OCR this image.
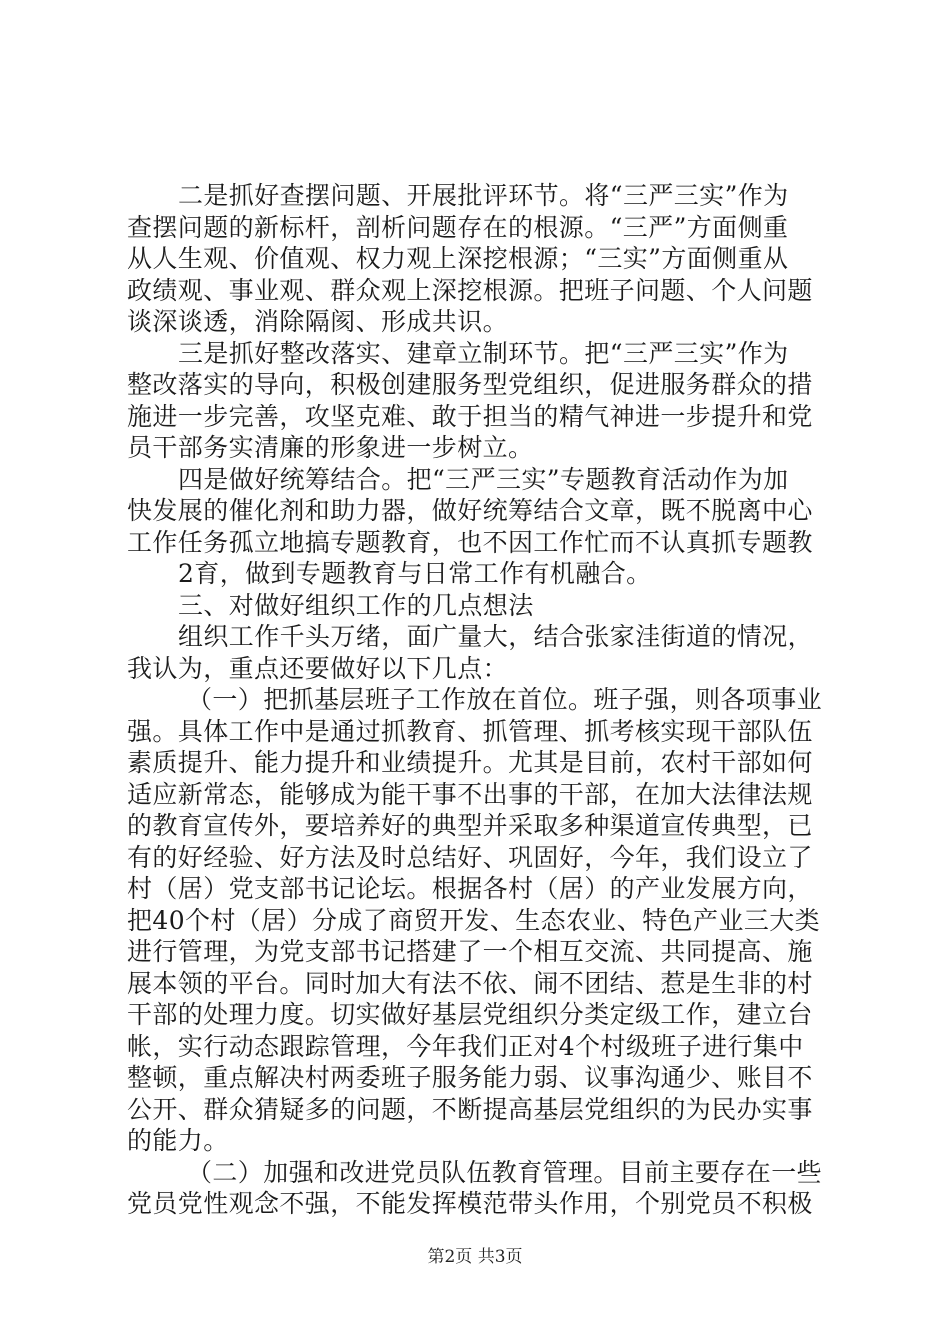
二是抓好查摆问题、开展批评环节。将“三严三实”作为
查摆问题的新标杆，剖析问题存在的根源。“三严”方面侧重
从人生观、价值观、权力观上深挖根源；“三实”方面侧重从
政绩观、事业观、群众观上深挖根源。把班子问题、个人问题
谈深谈透，消除隔阂、形成共识。
三是抓好整改落实、建章立制环节。把“三严三实”作为
整改落实的导向，积极创建服务型党组织，促进服务群众的措
施进一步完善，攻坚克难、敢于担当的精气神进一步提升和党
员干部务实清廉的形象进一步树立。
四是做好统筹结合。把“三严三实”专题教育活动作为加
快发展的催化剂和助力器，做好统筹结合文章，既不脱离中心
工作任务孤立地搞专题教育，也不因工作忙而不认真抓专题教
2育，做到专题教育与日常工作有机融合。
三、对做好组织工作的几点想法
组织工作千头万绪，面广量大，结合张家洼街道的情况，
我认为，重点还要做好以下几点：
（一）把抓基层班子工作放在首位。班子强，则各项事业
强。具体工作中是通过抓教育、抓管理、抓考核实现干部队伍
素质提升、能力提升和业绩提升。尤其是目前，农村干部如何
适应新常态，能够成为能干事不出事的干部，在加大法律法规
的教育宣传外，要培养好的典型并采取多种渠道宣传典型，已
有的好经验、好方法及时总结好、巩固好，今年，我们设立了
村（居）党支部书记论坛。根据各村（居）的产业发展方向，
把40个村（居）分成了商贸开发、生态农业、特色产业三大类
进行管理，为党支部书记搭建了一个相互交流、共同提高、施
展本领的平台。同时加大有法不依、闹不团结、惹是生非的村
干部的处理力度。切实做好基层党组织分类定级工作，建立台
帐，实行动态跟踪管理，今年我们正对4个村级班子进行集中
整顿，重点解决村两委班子服务能力弱、议事沟通少、账目不
公开、群众猜疑多的问题，不断提高基层党组织的为民办实事
的能力。
（二）加强和改进党员队伍教育管理。目前主要存在一些
党员党性观念不强，不能发挥模范带头作用，个别党员不积极
第2页 共3页
